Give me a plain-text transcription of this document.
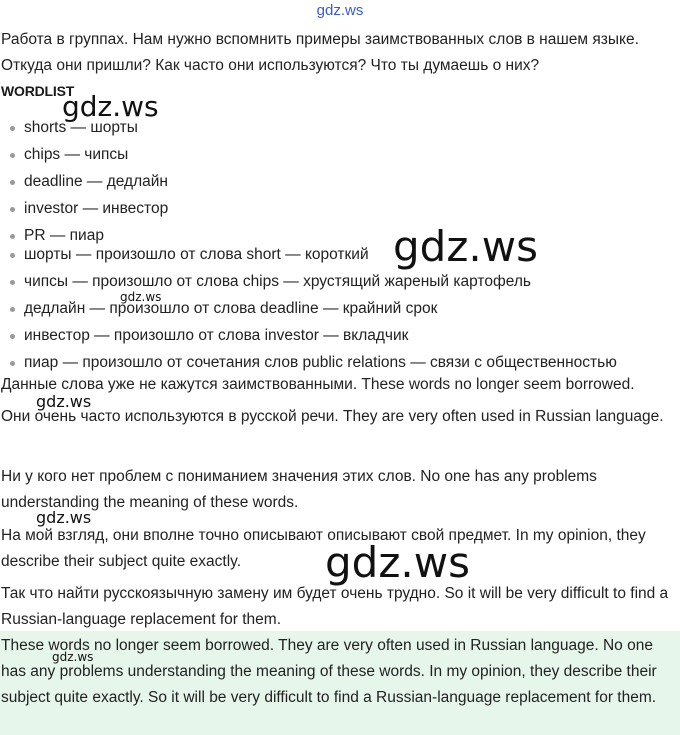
gdz.ws
Работа в группах. Нам нужно вспомнить примеры заимствованных слов в нашем языке.
Откуда они пришли? Как часто они используются? Что ты думаешь о них?
WORDLIST
shorts — шорты
chips — чипсы
deadline — дедлайн
investor — инвестор
PR — пиар
шорты — произошло от слова short — короткий
чипсы — произошло от слова chips — хрустящий жареный картофель
дедлайн — произошло от слова deadline — крайний срок
инвестор — произошло от слова investor — вкладчик
пиар — произошло от сочетания слов public relations — связи с общественностью
Данные слова уже не кажутся заимствованными. These words no longer seem borrowed.
Они очень часто используются в русской речи. They are very often used in Russian language.
Ни у кого нет проблем с пониманием значения этих слов. No one has any problems understanding the meaning of these words.
На мой взгляд, они вполне точно описывают описывают свой предмет. In my opinion, they describe their subject quite exactly.
Так что найти русскоязычную замену им будет очень трудно. So it will be very difficult to find a Russian-language replacement for them.
These words no longer seem borrowed. They are very often used in Russian language. No one has any problems understanding the meaning of these words. In my opinion, they describe their subject quite exactly. So it will be very difficult to find a Russian-language replacement for them.
gdz.ws
gdz.ws
gdz.ws
gdz.ws
gdz.ws
gdz.ws
gdz.ws
